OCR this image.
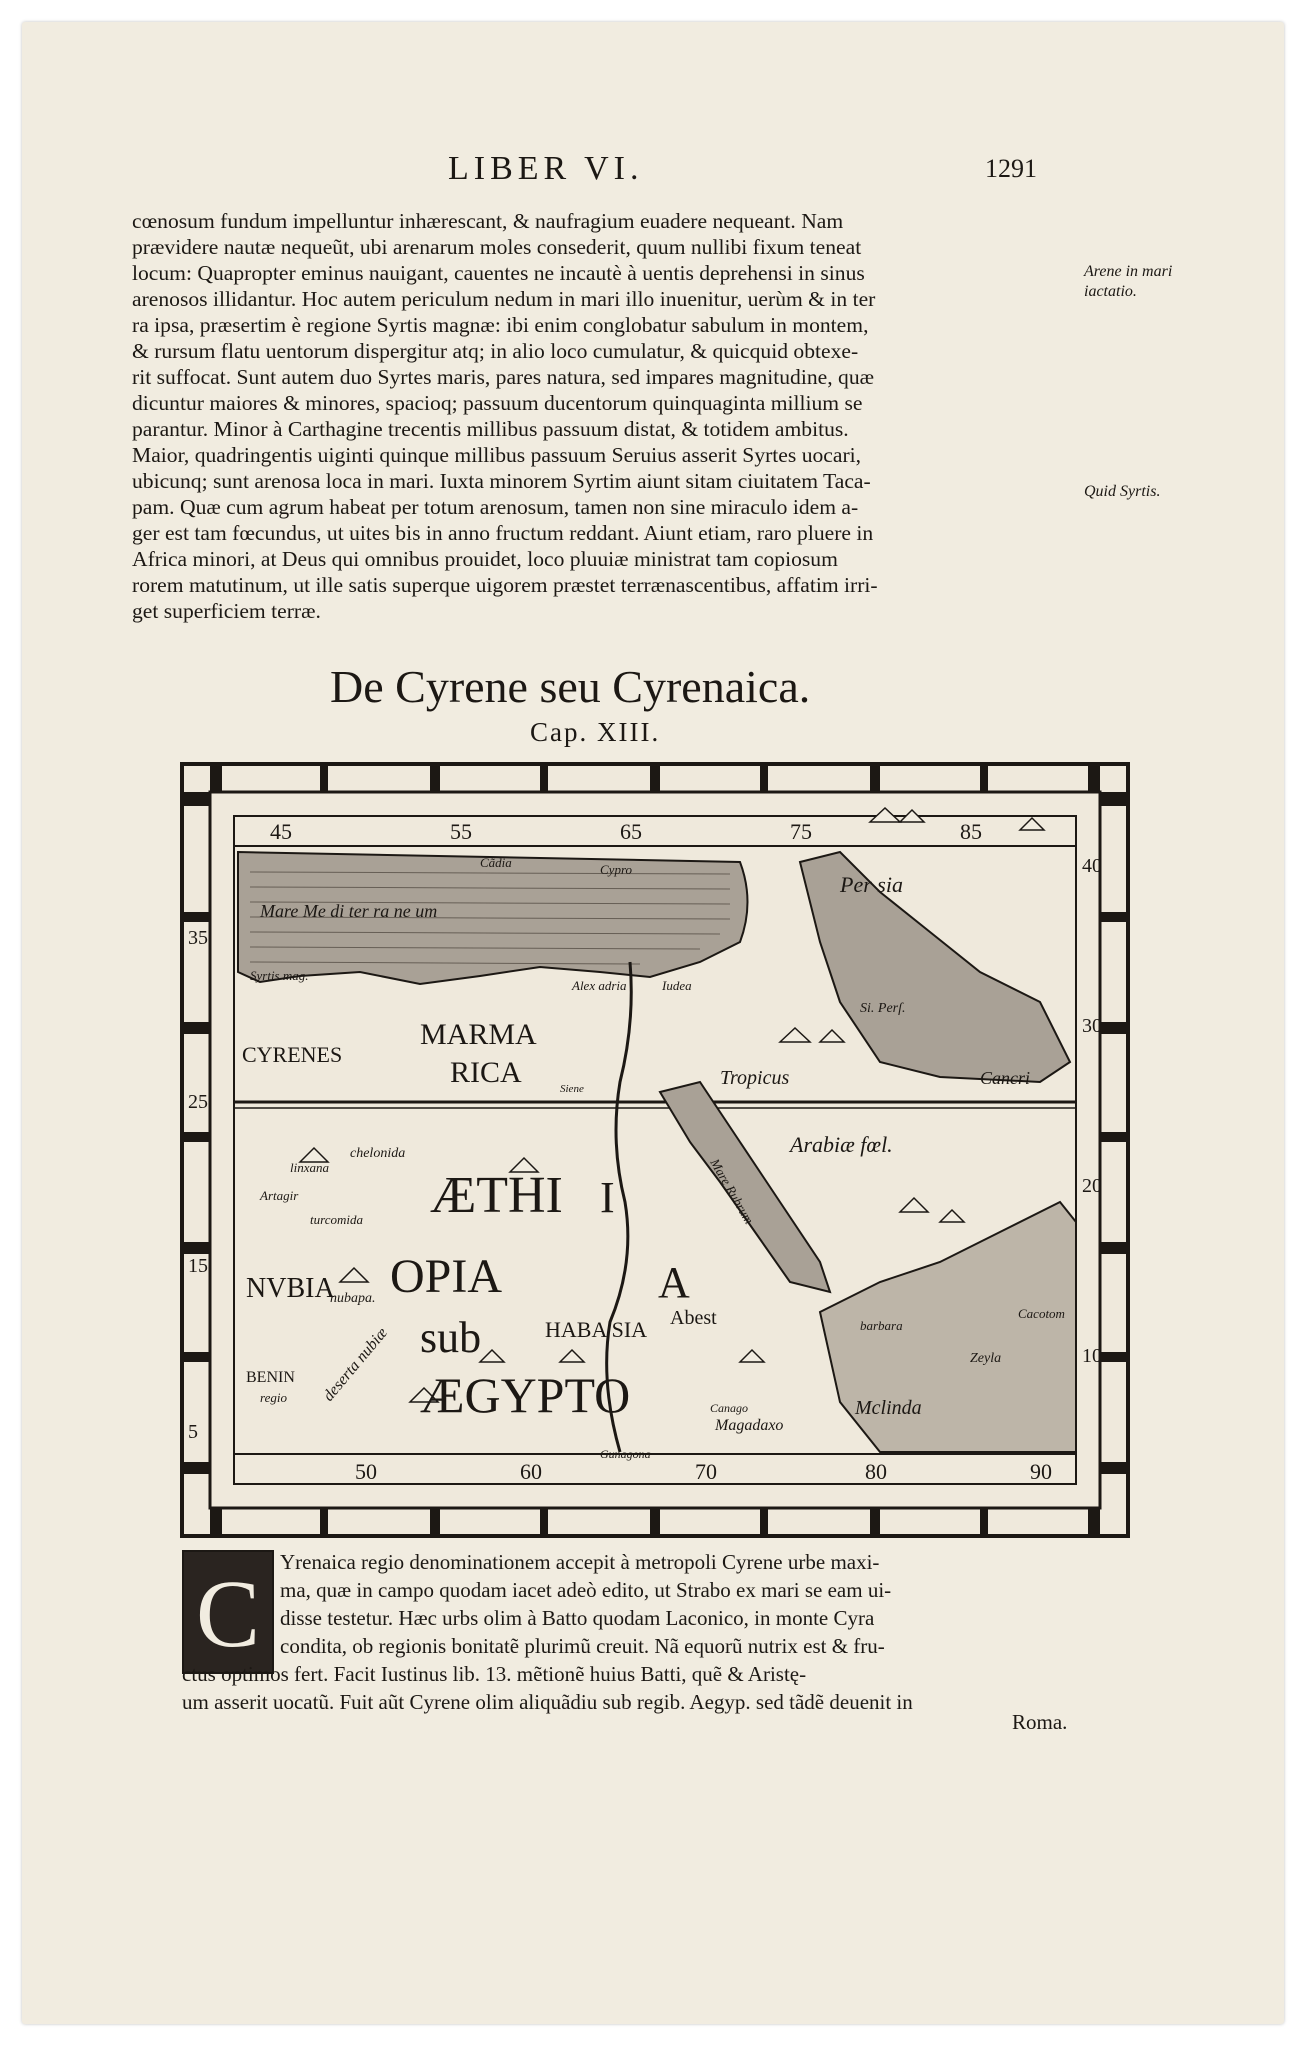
LIBER VI.	1291
cœnosum fundum impelluntur inhærescant, & naufragium euadere nequeant. Nam
prævidere nautæ nequeũt, ubi arenarum moles consederit, quum nullibi fixum teneat
locum: Quapropter eminus nauigant, cauentes ne incautè à uentis deprehensi in sinus
arenosos illidantur. Hoc autem periculum nedum in mari illo inuenitur, uerùm & in ter
ra ipsa, præsertim è regione Syrtis magnæ: ibi enim conglobatur sabulum in montem,
& rursum flatu uentorum dispergitur atq; in alio loco cumulatur, & quicquid obtexe-
rit suffocat. Sunt autem duo Syrtes maris, pares natura, sed impares magnitudine, quæ
dicuntur maiores & minores, spacioq; passuum ducentorum quinquaginta millium se
parantur. Minor à Carthagine trecentis millibus passuum distat, & totidem ambitus.
Maior, quadringentis uiginti quinque millibus passuum Seruius asserit Syrtes uocari,
ubicunq; sunt arenosa loca in mari. Iuxta minorem Syrtim aiunt sitam ciuitatem Taca-
pam. Quæ cum agrum habeat per totum arenosum, tamen non sine miraculo idem a-
ger est tam fœcundus, ut uites bis in anno fructum reddant. Aiunt etiam, raro pluere in
Africa minori, at Deus qui omnibus prouidet, loco pluuiæ ministrat tam copiosum
rorem matutinum, ut ille satis superque uigorem præstet terrænascentibus, affatim irri-
get superficiem terræ.
Arene in mari
iactatio.
Quid Syrtis.
De Cyrene seu Cyrenaica.
Cap. XIII.
45	55	65	75	85
50	60	70	80	90
40
30
20
10
35
25
15
5
Mare Me di ter ra ne um
Cãdia	Cypro
Per sia
Si. Perſ.
Tropicus	Cancri
CYRENES
MARMA
RICA
Syrtis mag.
Alex adria	Iudea
Arabiæ fœl.
ÆTHI I
A
OPIA
NVBIA
sub
ÆGYPTO
HABA SIA Abest
BENIN
regio	Mclinda
Magadaxo
Zeyla
Cacotom
barbara
deserta nubiæ
nubapa.
Mare Rubrum
Siene
chelonida
linxana
Artagir
turcomida
Gunagona
Canago
C Yrenaica regio denominationem accepit à metropoli Cyrene urbe maxi-
ma, quæ in campo quodam iacet adeò edito, ut Strabo ex mari se eam ui-
disse testetur. Hæc urbs olim à Batto quodam Laconico, in monte Cyra
condita, ob regionis bonitatẽ plurimũ creuit. Nã equorũ nutrix est & fru-
ctus optimos fert. Facit Iustinus lib. 13. mẽtionẽ huius Batti, quẽ & Aristę-
um asserit uocatũ. Fuit aũt Cyrene olim aliquãdiu sub regib. Aegyp. sed tãdẽ deuenit in
Roma.
